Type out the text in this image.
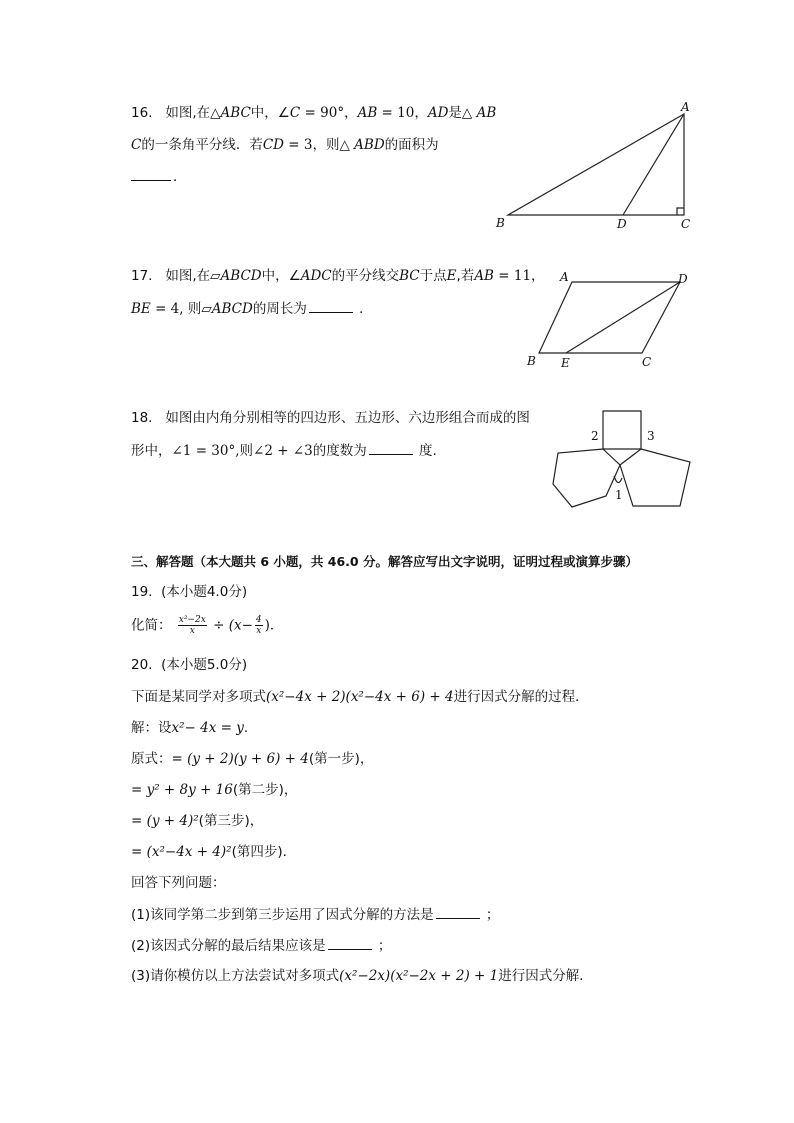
16. 如图,在△ABC中，∠C = 90°，AB = 10，AD是△ AB
C的一条角平分线．若CD = 3，则△ ABD的面积为
．
A
B	C
D
17. 如图,在▱ABCD中，∠ADC的平分线交BC于点E,若AB = 11，
BE = 4, 则▱ABCD的周长为	．
A	D
B E	C
18. 如图由内角分别相等的四边形、五边形、六边形组合而成的图
形中，∠1 = 30°,则∠2 + ∠3的度数为	度.
2	3
1
三、解答题（本大题共 6 小题，共 46.0 分。解答应写出文字说明，证明过程或演算步骤）
19. (本小题4.0分)
化简： $\frac{\text{x²−2x}}{x} \div (x- \frac{4}{x}$ )．
20. (本小题5.0分)
下面是某同学对多项式(x²−4x + 2)(x²−4x + 6) + 4进行因式分解的过程．
解：设x²− 4x = y．
原式：= (y + 2)(y + 6) + 4(第一步)，
= y² + 8y + 16(第二步)，
= (y + 4)²(第三步)，
= (x²−4x + 4)²(第四步)．
回答下列问题：
(1)该同学第二步到第三步运用了因式分解的方法是	；
(2)该因式分解的最后结果应该是	；
(3)请你模仿以上方法尝试对多项式(x²−2x)(x²−2x + 2) + 1进行因式分解．
